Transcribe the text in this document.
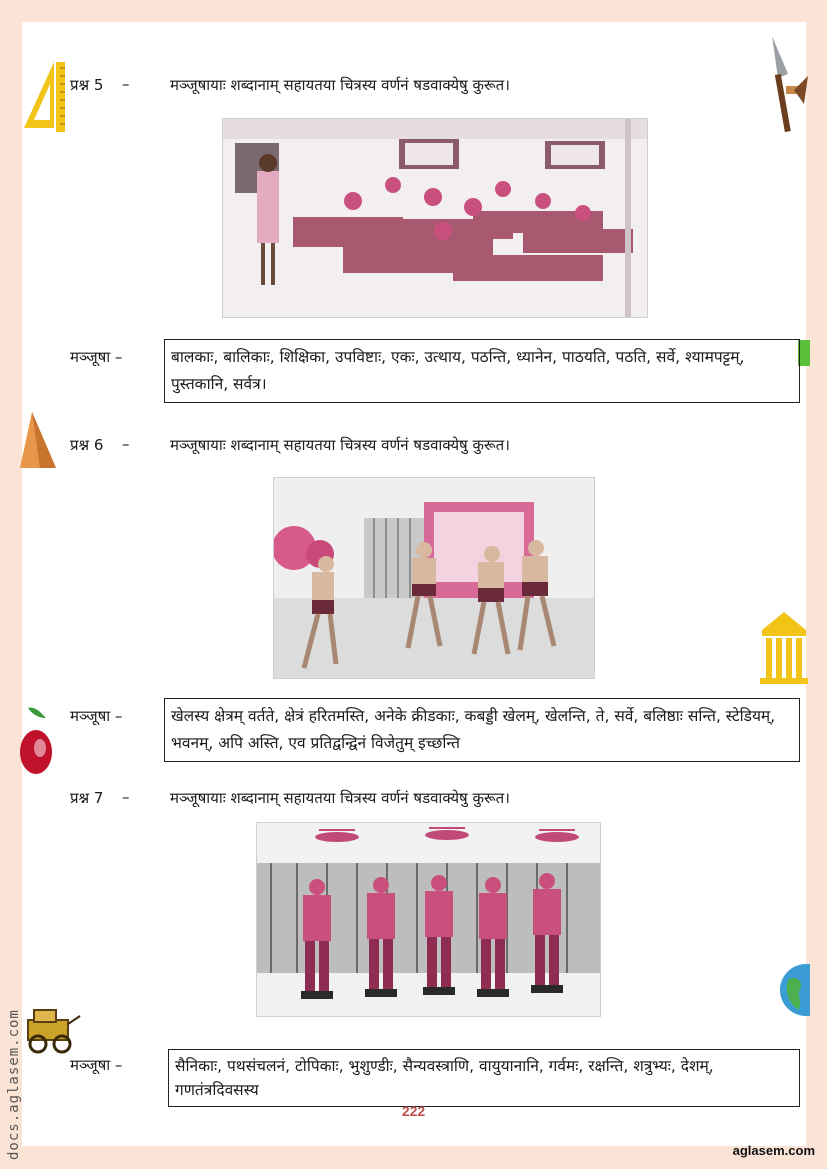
docs.aglasem.com
प्रश्न 5 –	मञ्जूषायाः शब्दानाम् सहायतया चित्रस्य वर्णनं षडवाक्येषु कुरूत।
मञ्जूषा –	बालकाः, बालिकाः, शिक्षिका, उपविष्टाः, एकः, उत्थाय, पठन्ति, ध्यानेन, पाठयति, पठति, सर्वे, श्यामपट्टम्, पुस्तकानि, सर्वत्र।
प्रश्न 6 –	मञ्जूषायाः शब्दानाम् सहायतया चित्रस्य वर्णनं षडवाक्येषु कुरूत।
मञ्जूषा –	खेलस्य क्षेत्रम् वर्तते, क्षेत्रं हरितमस्ति, अनेके क्रीडकाः, कबड्डी खेलम्, खेलन्ति, ते, सर्वे, बलिष्ठाः सन्ति, स्टेडियम्, भवनम्, अपि अस्ति, एव प्रतिद्वन्द्विनं विजेतुम् इच्छन्ति
प्रश्न 7 –	मञ्जूषायाः शब्दानाम् सहायतया चित्रस्य वर्णनं षडवाक्येषु कुरूत।
मञ्जूषा –	सैनिकाः, पथसंचलनं, टोपिकाः, भुशुण्डीः, सैन्यवस्त्राणि, वायुयानानि, गर्वमः, रक्षन्ति, शत्रुभ्यः, देशम्, गणतंत्रदिवसस्य
222
aglasem.com
